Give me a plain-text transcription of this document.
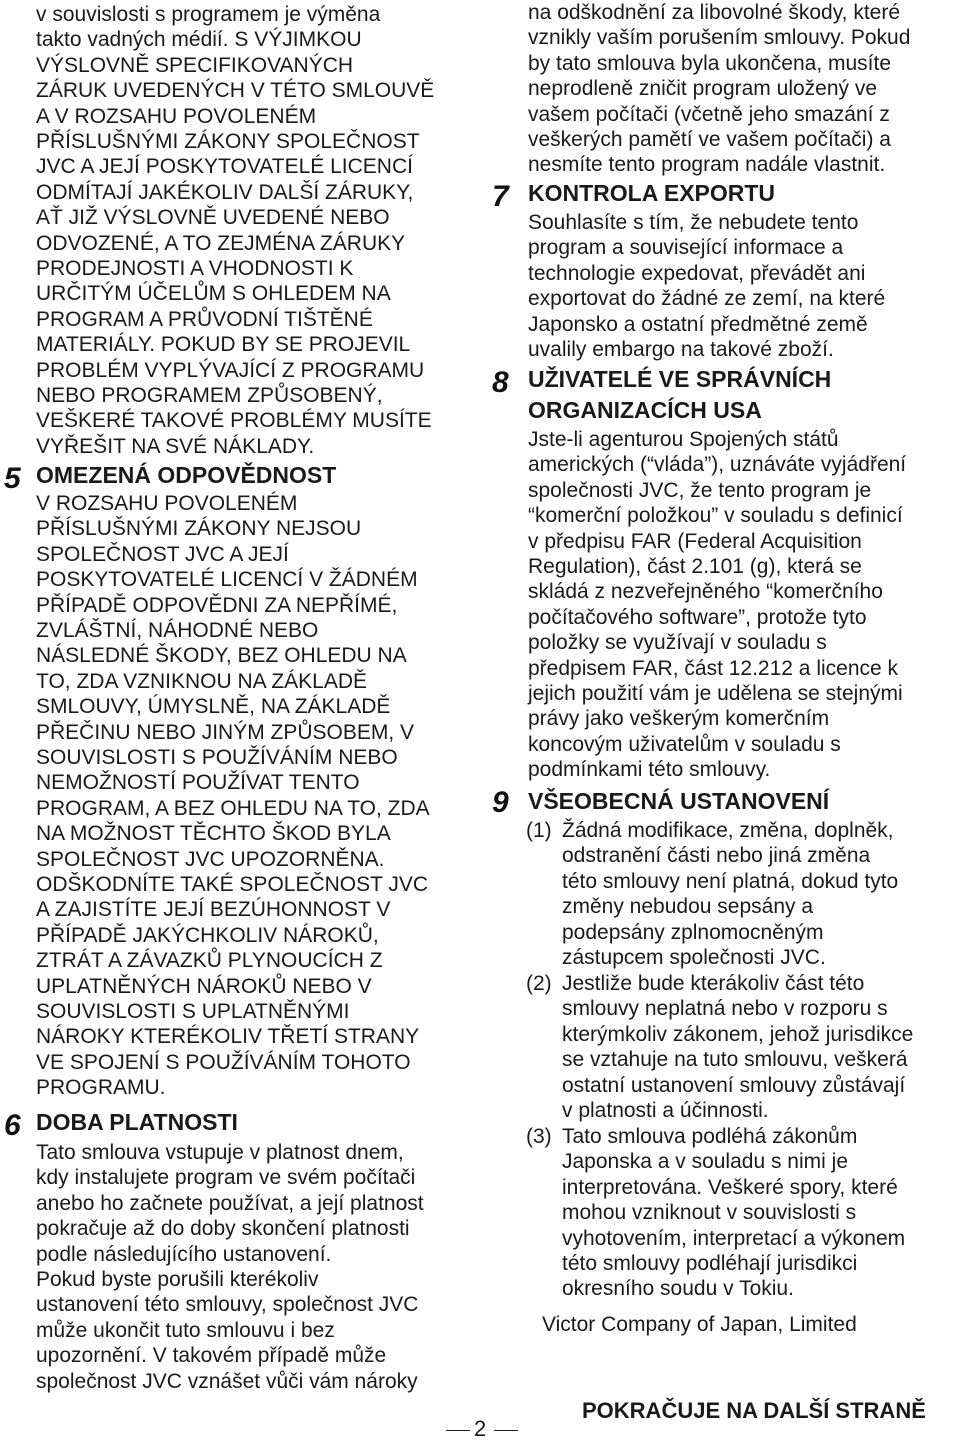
v souvislosti s programem je výměna
takto vadných médií. S VÝJIMKOU
VÝSLOVNĚ SPECIFIKOVANÝCH
ZÁRUK UVEDENÝCH V TÉTO SMLOUVĚ
A V ROZSAHU POVOLENÉM
PŘÍSLUŠNÝMI ZÁKONY SPOLEČNOST
JVC A JEJÍ POSKYTOVATELÉ LICENCÍ
ODMÍTAJÍ JAKÉKOLIV DALŠÍ ZÁRUKY,
AŤ JIŽ VÝSLOVNĚ UVEDENÉ NEBO
ODVOZENÉ, A TO ZEJMÉNA ZÁRUKY
PRODEJNOSTI A VHODNOSTI K
URČITÝM ÚČELŮM S OHLEDEM NA
PROGRAM A PRŮVODNÍ TIŠTĚNÉ
MATERIÁLY. POKUD BY SE PROJEVIL
PROBLÉM VYPLÝVAJÍCÍ Z PROGRAMU
NEBO PROGRAMEM ZPŮSOBENÝ,
VEŠKERÉ TAKOVÉ PROBLÉMY MUSÍTE
VYŘEŠIT NA SVÉ NÁKLADY.
5 OMEZENÁ ODPOVĚDNOST
V ROZSAHU POVOLENÉM
PŘÍSLUŠNÝMI ZÁKONY NEJSOU
SPOLEČNOST JVC A JEJÍ
POSKYTOVATELÉ LICENCÍ V ŽÁDNÉM
PŘÍPADĚ ODPOVĚDNI ZA NEPŘÍMÉ,
ZVLÁŠTNÍ, NÁHODNÉ NEBO
NÁSLEDNÉ ŠKODY, BEZ OHLEDU NA
TO, ZDA VZNIKNOU NA ZÁKLADĚ
SMLOUVY, ÚMYSLNĚ, NA ZÁKLADĚ
PŘEČINU NEBO JINÝM ZPŮSOBEM, V
SOUVISLOSTI S POUŽÍVÁNÍM NEBO
NEMOŽNOSTÍ POUŽÍVAT TENTO
PROGRAM, A BEZ OHLEDU NA TO, ZDA
NA MOŽNOST TĚCHTO ŠKOD BYLA
SPOLEČNOST JVC UPOZORNĚNA.
ODŠKODNÍTE TAKÉ SPOLEČNOST JVC
A ZAJISTÍTE JEJÍ BEZÚHONNOST V
PŘÍPADĚ JAKÝCHKOLIV NÁROKŮ,
ZTRÁT A ZÁVAZKŮ PLYNOUCÍCH Z
UPLATNĚNÝCH NÁROKŮ NEBO V
SOUVISLOSTI S UPLATNĚNÝMI
NÁROKY KTERÉKOLIV TŘETÍ STRANY
VE SPOJENÍ S POUŽÍVÁNÍM TOHOTO
PROGRAMU.
6 DOBA PLATNOSTI
Tato smlouva vstupuje v platnost dnem,
kdy instalujete program ve svém počítači
anebo ho začnete používat, a její platnost
pokračuje až do doby skončení platnosti
podle následujícího ustanovení.
Pokud byste porušili kterékoliv
ustanovení této smlouvy, společnost JVC
může ukončit tuto smlouvu i bez
upozornění. V takovém případě může
společnost JVC vznášet vůči vám nároky
na odškodnění za libovolné škody, které
vznikly vaším porušením smlouvy. Pokud
by tato smlouva byla ukončena, musíte
neprodleně zničit program uložený ve
vašem počítači (včetně jeho smazání z
veškerých pamětí ve vašem počítači) a
nesmíte tento program nadále vlastnit.
7 KONTROLA EXPORTU
Souhlasíte s tím, že nebudete tento
program a související informace a
technologie expedovat, převádět ani
exportovat do žádné ze zemí, na které
Japonsko a ostatní předmětné země
uvalily embargo na takové zboží.
8 UŽIVATELÉ VE SPRÁVNÍCH
ORGANIZACÍCH USA
Jste-li agenturou Spojených států
amerických (“vláda”), uznáváte vyjádření
společnosti JVC, že tento program je
“komerční položkou” v souladu s definicí
v předpisu FAR (Federal Acquisition
Regulation), část 2.101 (g), která se
skládá z nezveřejněného “komerčního
počítačového software”, protože tyto
položky se využívají v souladu s
předpisem FAR, část 12.212 a licence k
jejich použití vám je udělena se stejnými
právy jako veškerým komerčním
koncovým uživatelům v souladu s
podmínkami této smlouvy.
9 VŠEOBECNÁ USTANOVENÍ
(1) Žádná modifikace, změna, doplněk,
odstranění části nebo jiná změna
této smlouvy není platná, dokud tyto
změny nebudou sepsány a
podepsány zplnomocněným
zástupcem společnosti JVC.
(2) Jestliže bude kterákoliv část této
smlouvy neplatná nebo v rozporu s
kterýmkoliv zákonem, jehož jurisdikce
se vztahuje na tuto smlouvu, veškerá
ostatní ustanovení smlouvy zůstávají
v platnosti a účinnosti.
(3) Tato smlouva podléhá zákonům
Japonska a v souladu s nimi je
interpretována. Veškeré spory, které
mohou vzniknout v souvislosti s
vyhotovením, interpretací a výkonem
této smlouvy podléhají jurisdikci
okresního soudu v Tokiu.
Victor Company of Japan, Limited
2
POKRAČUJE NA DALŠÍ STRANĚ
